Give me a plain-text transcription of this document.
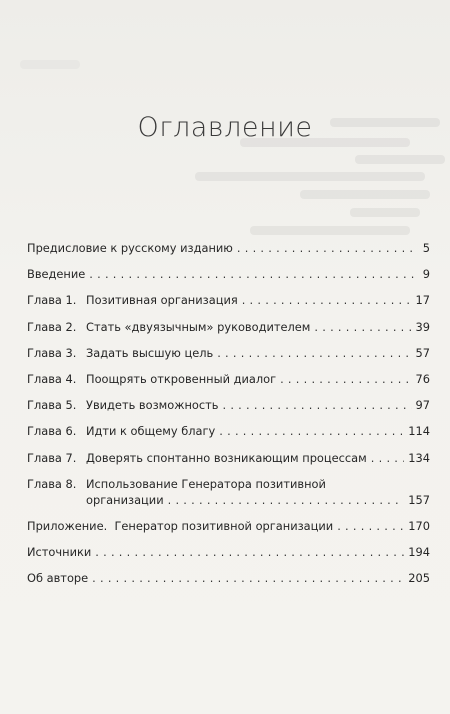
Оглавление
Предисловие к русскому изданию . . .	5
Введение . . .	9
Глава 1. Позитивная организация . . .	17
Глава 2. Стать «двуязычным» руководителем . . .	39
Глава 3. Задать высшую цель . . .	57
Глава 4. Поощрять откровенный диалог . . .	76
Глава 5. Увидеть возможность . . .	97
Глава 6. Идти к общему благу . . .	114
Глава 7. Доверять спонтанно возникающим процессам . . .	134
Глава 8. Использование Генератора позитивной
организации . . .	157
Приложение.  Генератор позитивной организации . . .	170
Источники . . .	194
Об авторе . . .	205
